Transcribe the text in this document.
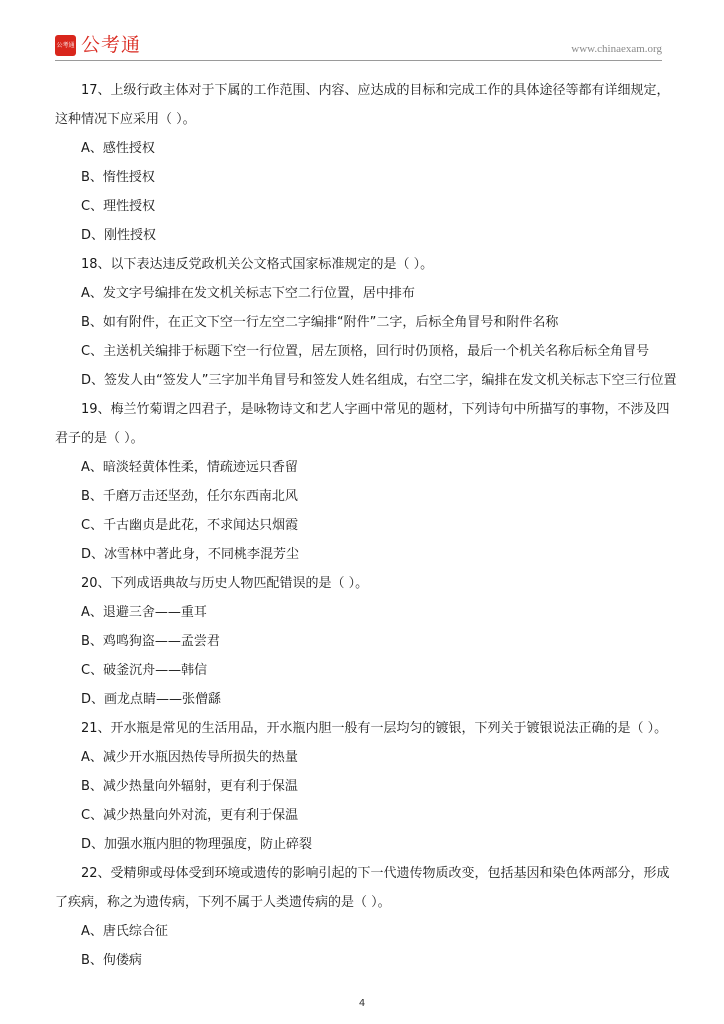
公考通 公考通	www.chinaexam.org

17、上级行政主体对于下属的工作范围、内容、应达成的目标和完成工作的具体途径等都有详细规定，这种情况下应采用（ ）。

A、感性授权

B、惰性授权

C、理性授权

D、刚性授权

18、以下表达违反党政机关公文格式国家标准规定的是（ ）。

A、发文字号编排在发文机关标志下空二行位置，居中排布

B、如有附件，在正文下空一行左空二字编排“附件”二字，后标全角冒号和附件名称

C、主送机关编排于标题下空一行位置，居左顶格，回行时仍顶格，最后一个机关名称后标全角冒号

D、签发人由“签发人”三字加半角冒号和签发人姓名组成，右空二字，编排在发文机关标志下空三行位置

19、梅兰竹菊谓之四君子，是咏物诗文和艺人字画中常见的题材，下列诗句中所描写的事物，不涉及四君子的是（ ）。

A、暗淡轻黄体性柔，情疏迹远只香留

B、千磨万击还坚劲，任尔东西南北风

C、千古幽贞是此花，不求闻达只烟霞

D、冰雪林中著此身，不同桃李混芳尘

20、下列成语典故与历史人物匹配错误的是（ ）。

A、退避三舍——重耳

B、鸡鸣狗盗——孟尝君

C、破釜沉舟——韩信

D、画龙点睛——张僧繇

21、开水瓶是常见的生活用品，开水瓶内胆一般有一层均匀的镀银，下列关于镀银说法正确的是（ ）。

A、减少开水瓶因热传导所损失的热量

B、减少热量向外辐射，更有利于保温

C、减少热量向外对流，更有利于保温

D、加强水瓶内胆的物理强度，防止碎裂

22、受精卵或母体受到环境或遗传的影响引起的下一代遗传物质改变，包括基因和染色体两部分，形成了疾病，称之为遗传病，下列不属于人类遗传病的是（ ）。

A、唐氏综合征

B、佝偻病

4
